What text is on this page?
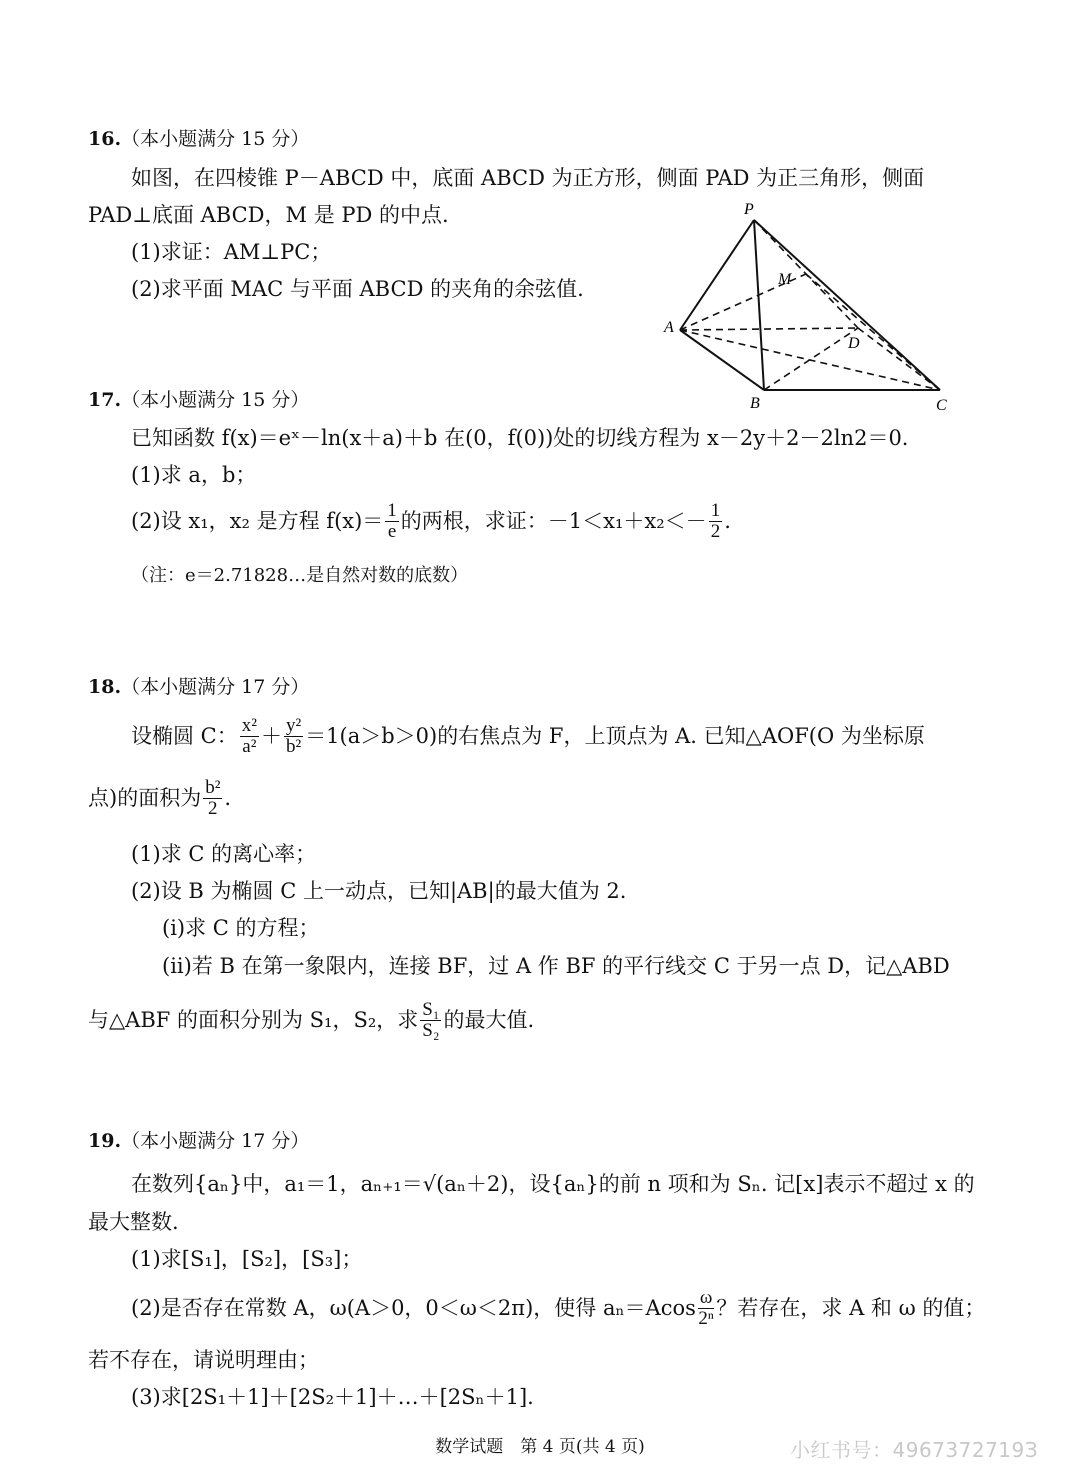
16.（本小题满分 15 分）
如图，在四棱锥 P－ABCD 中，底面 ABCD 为正方形，侧面 PAD 为正三角形，侧面
PAD⊥底面 ABCD，M 是 PD 的中点.
(1)求证：AM⊥PC；
(2)求平面 MAC 与平面 ABCD 的夹角的余弦值.
P
M
A
D
B	C
17.（本小题满分 15 分）
已知函数 f(x)＝eˣ－ln(x＋a)＋b 在(0，f(0))处的切线方程为 x－2y＋2－2ln2＝0.
(1)求 a，b；
(2)设 x₁，x₂ 是方程 $f(x)= \frac{1}{e}$ 的两根，求证：$-1<x_1+x_2<- \frac{1}{2}$ .
（注：e＝2.71828…是自然对数的底数）
18.（本小题满分 17 分）
设椭圆 C： $\frac{\text{x²}}{\text{a²}} + \frac{\text{y²}}{\text{b²}} =1(a>b>0)$的右焦点为 F，上顶点为 A. 已知△AOF(O 为坐标原
点)的面积为 $\frac{\text{b²}}{2}$ .
(1)求 C 的离心率；
(2)设 B 为椭圆 C 上一动点，已知|AB|的最大值为 2.
(i)求 C 的方程；
(ii)若 B 在第一象限内，连接 BF，过 A 作 BF 的平行线交 C 于另一点 D，记△ABD
与△ABF 的面积分别为 S₁，S₂，求 $\frac{\text{S₁}}{\text{S₂}}$ 的最大值.
19.（本小题满分 17 分）
在数列{aₙ}中，a₁＝1，aₙ₊₁＝√(aₙ＋2)，设{aₙ}的前 n 项和为 Sₙ. 记[x]表示不超过 x 的
最大整数.
(1)求[S₁]，[S₂]，[S₃]；
(2)是否存在常数 A，ω(A＞0，0＜ω＜2π)，使得 $a_n=Acos \frac{\omega}{\text{2ⁿ}}$ ？若存在，求 A 和 ω 的值；
若不存在，请说明理由；
(3)求[2S₁＋1]＋[2S₂＋1]＋…＋[2Sₙ＋1].
数学试题　第 4 页(共 4 页)	小红书号：4967372719З
